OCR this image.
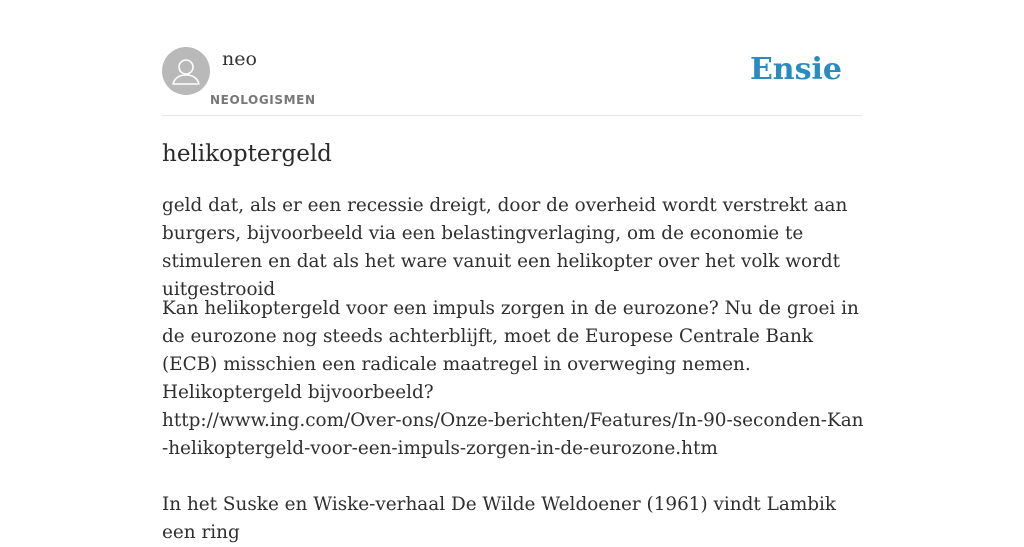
neo
NEOLOGISMEN
Ensie
helikoptergeld

geld dat, als er een recessie dreigt, door de overheid wordt verstrekt aan burgers, bijvoorbeeld via een belastingverlaging, om de economie te stimuleren en dat als het ware vanuit een helikopter over het volk wordt uitgestrooid

Kan helikoptergeld voor een impuls zorgen in de eurozone? Nu de groei in de eurozone nog steeds achterblijft, moet de Europese Centrale Bank (ECB) misschien een radicale maatregel in overweging nemen. Helikoptergeld bijvoorbeeld?

http://www.ing.com/Over-ons/Onze-berichten/Features/In-90-seconden-Kan-helikoptergeld-voor-een-impuls-zorgen-in-de-eurozone.htm

In het Suske en Wiske-verhaal De Wilde Weldoener (1961) vindt Lambik een ring
